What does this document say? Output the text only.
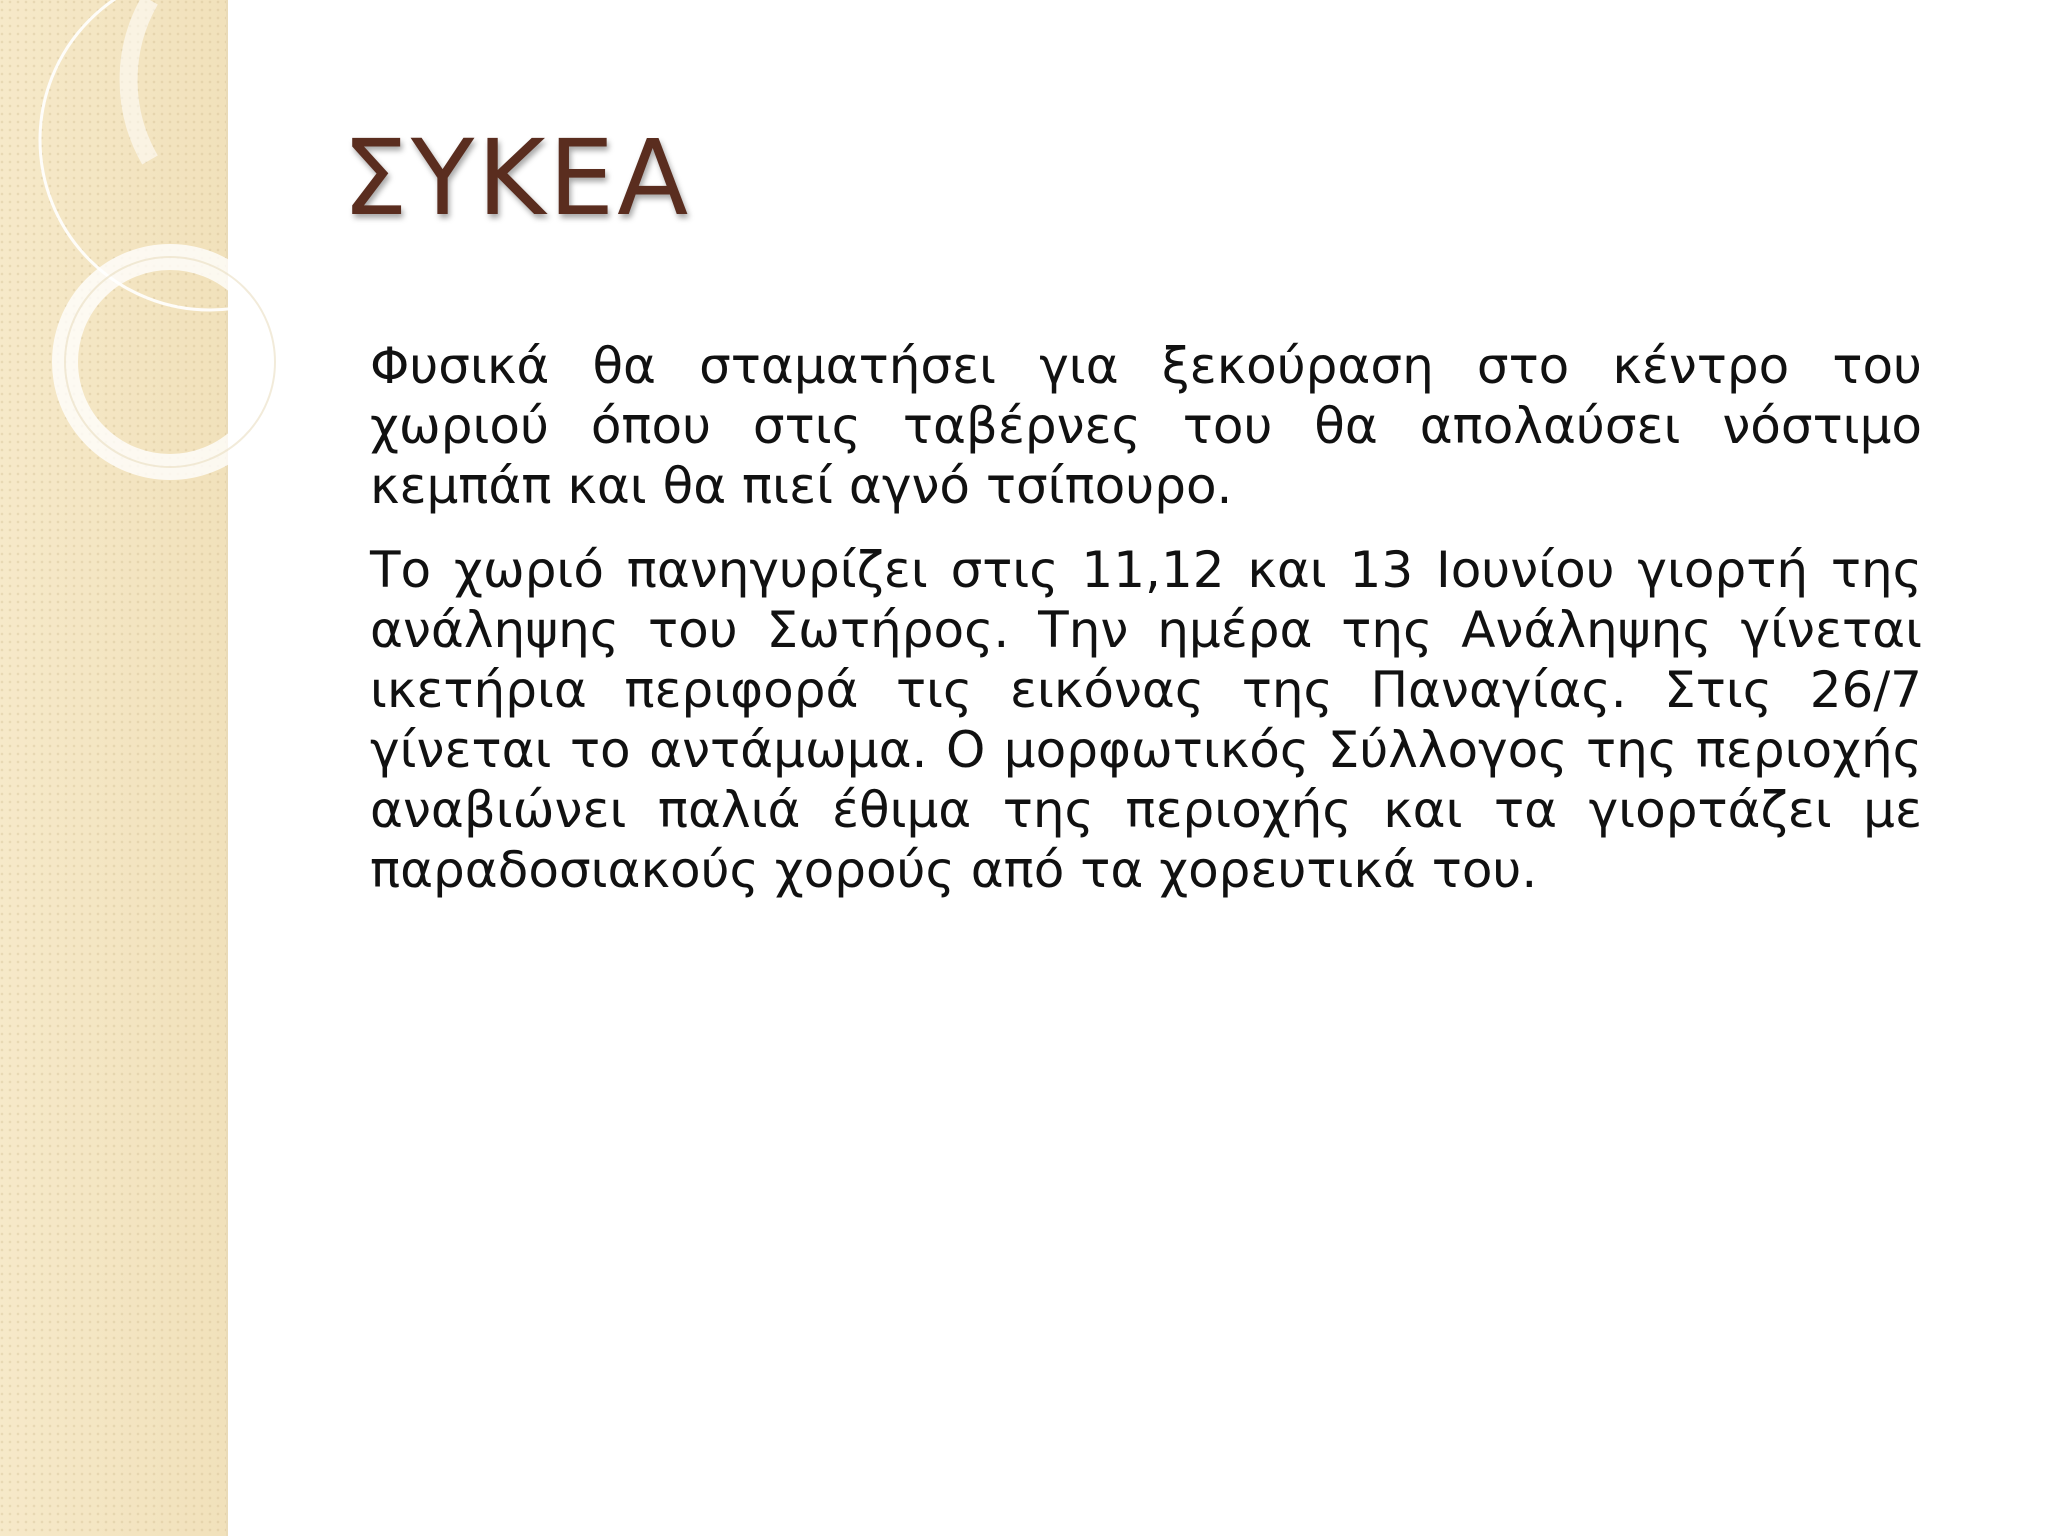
ΣΥΚΕΑ

Φυσικά θα σταματήσει για ξεκούραση στο κέντρο του χωριού όπου στις ταβέρνες του θα απολαύσει νόστιμο κεμπάπ και θα πιεί αγνό τσίπουρο.

Το χωριό πανηγυρίζει στις 11,12 και 13 Ιουνίου γιορτή της ανάληψης του Σωτήρος. Την ημέρα της Ανάληψης γίνεται ικετήρια περιφορά τις εικόνας της Παναγίας. Στις 26/7 γίνεται το αντάμωμα. Ο μορφωτικός Σύλλογος της περιοχής αναβιώνει παλιά έθιμα της περιοχής και τα γιορτάζει με παραδοσιακούς χορούς από τα χορευτικά του.
